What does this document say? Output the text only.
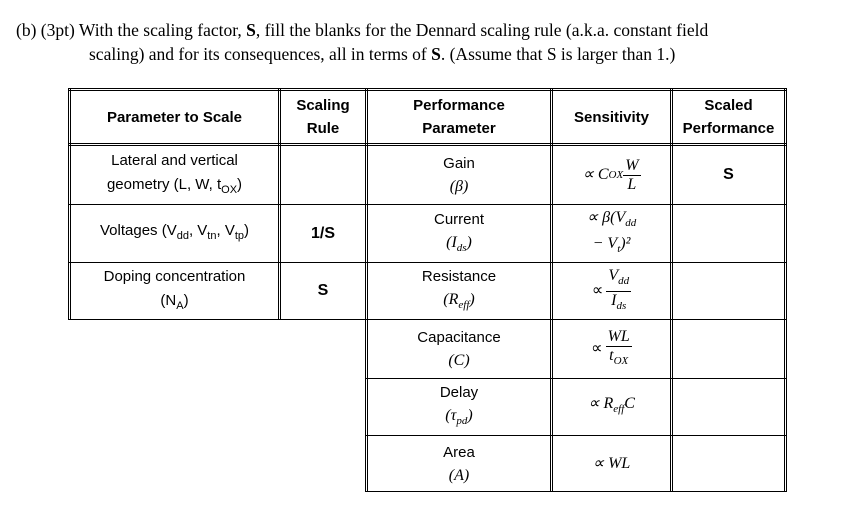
(b) (3pt) With the scaling factor, S, fill the blanks for the Dennard scaling rule (a.k.a. constant field
scaling) and for its consequences, all in terms of S. (Assume that S is larger than 1.)
Parameter to Scale
Scaling
Rule
Performance
Parameter
Sensitivity
Scaled
Performance
Lateral and vertical
geometry (L, W, $t_{OX}$)
Gain
(β)
∝ C OX $\frac{W}{L}$	S
Voltages ($V_{dd}$, $V_{tn}$, $V_{tp}$)	1/S
Current
$(I_{ds})$
∝ $\beta(V_{dd}$
− $V_t)^2$
Doping concentration
$(N_A)$
S
Resistance
$(R_{eff})$
∝ $\frac{V_{dd}}{I_{ds}}$
Capacitance
(C)
∝ $\frac{WL}{t_{OX}}$
Delay
$(\tau_{pd})$
∝ $R_{eff}C$
Area
(A)
∝ WL
